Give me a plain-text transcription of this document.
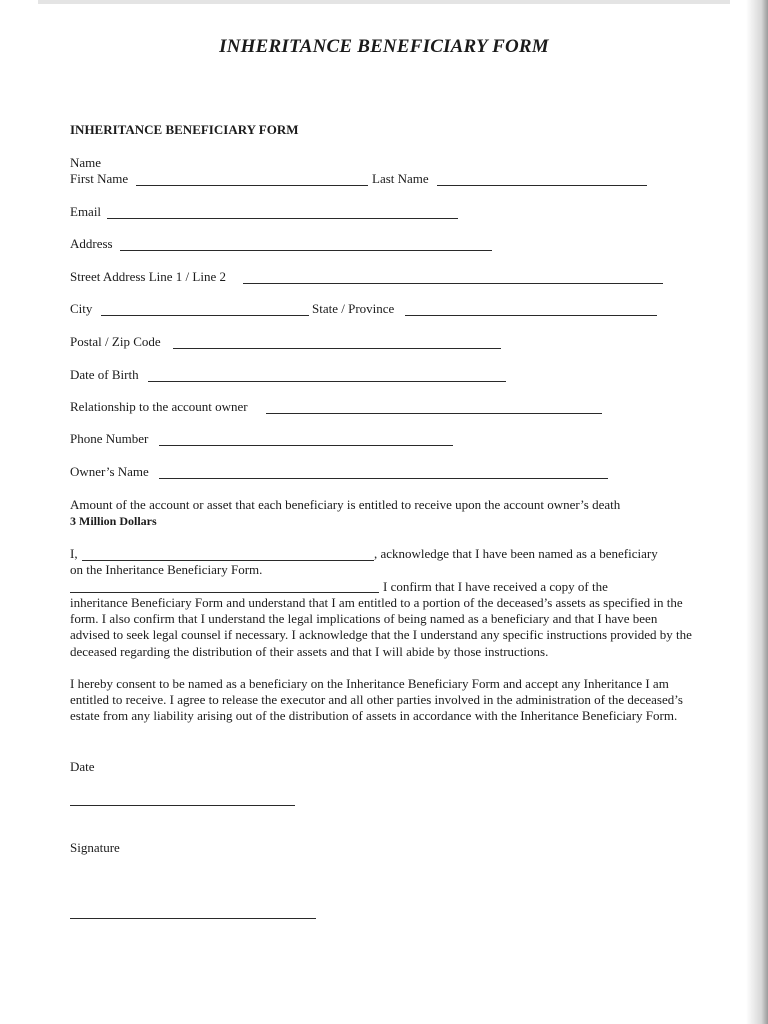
INHERITANCE BENEFICIARY FORM
INHERITANCE BENEFICIARY FORM
Name
First Name	Last Name
Email
Address
Street Address Line 1 / Line 2
City	State / Province
Postal / Zip Code
Date of Birth
Relationship to the account owner
Phone Number
Owner’s Name
Amount of the account or asset that each beneficiary is entitled to receive upon the account owner’s death
3 Million Dollars
I,	, acknowledge that I have been named as a beneficiary
on the Inheritance Beneficiary Form.
I confirm that I have received a copy of the
inheritance Beneficiary Form and understand that I am entitled to a portion of the deceased’s assets as specified in the form. I also confirm that I understand the legal implications of being named as a beneficiary and that I have been advised to seek legal counsel if necessary. I acknowledge that the I understand any specific instructions provided by the deceased regarding the distribution of their assets and that I will abide by those instructions.
I hereby consent to be named as a beneficiary on the Inheritance Beneficiary Form and accept any Inheritance I am entitled to receive. I agree to release the executor and all other parties involved in the administration of the deceased’s estate from any liability arising out of the distribution of assets in accordance with the Inheritance Beneficiary Form.
Date
Signature
